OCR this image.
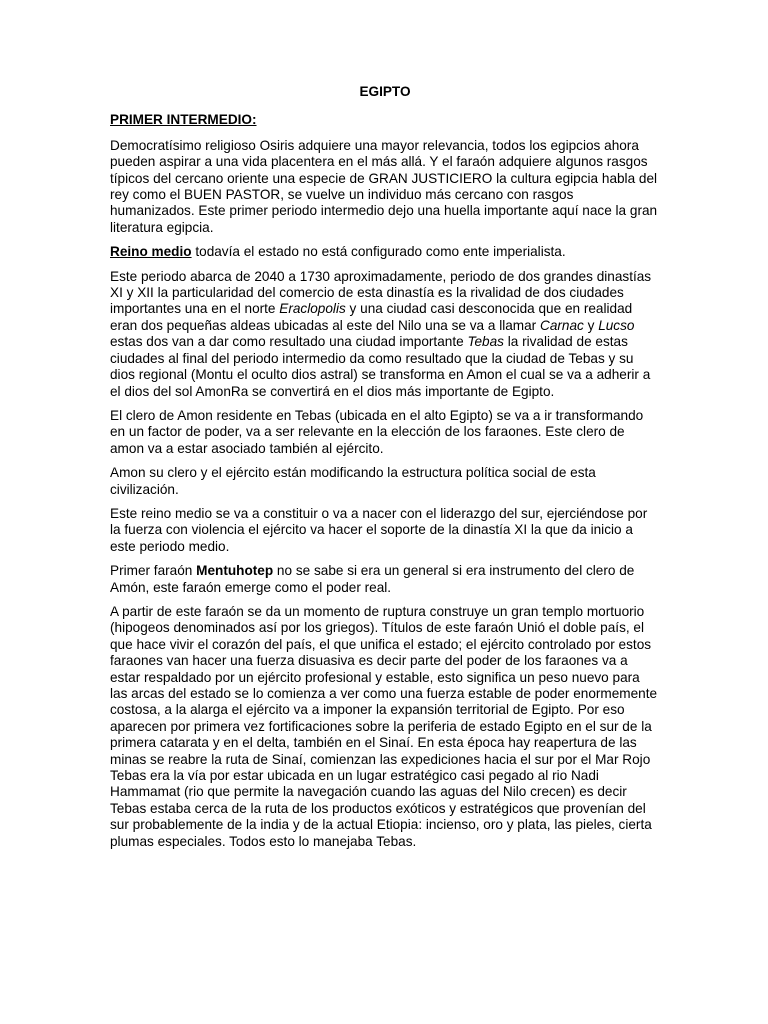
EGIPTO
PRIMER INTERMEDIO:

Democratísimo religioso Osiris adquiere una mayor relevancia, todos los egipcios ahora pueden aspirar a una vida placentera en el más allá. Y el faraón adquiere algunos rasgos típicos del cercano oriente una especie de GRAN JUSTICIERO la cultura egipcia habla del rey como el BUEN PASTOR, se vuelve un individuo más cercano con rasgos humanizados. Este primer periodo intermedio dejo una huella importante aquí nace la gran literatura egipcia.

Reino medio todavía el estado no está configurado como ente imperialista.

Este periodo abarca de 2040 a 1730 aproximadamente, periodo de dos grandes dinastías XI y XII la particularidad del comercio de esta dinastía es la rivalidad de dos ciudades importantes una en el norte Eraclopolis y una ciudad casi desconocida que en realidad eran dos pequeñas aldeas ubicadas al este del Nilo una se va a llamar Carnac y Lucso estas dos van a dar como resultado una ciudad importante Tebas la rivalidad de estas ciudades al final del periodo intermedio da como resultado que la ciudad de Tebas y su dios regional (Montu el oculto dios astral) se transforma en Amon el cual se va a adherir a el dios del sol AmonRa se convertirá en el dios más importante de Egipto.

El clero de Amon residente en Tebas (ubicada en el alto Egipto) se va a ir transformando en un factor de poder, va a ser relevante en la elección de los faraones. Este clero de amon va a estar asociado también al ejército.

Amon su clero y el ejército están modificando la estructura política social de esta civilización.

Este reino medio se va a constituir o va a nacer con el liderazgo del sur, ejerciéndose por la fuerza con violencia el ejército va hacer el soporte de la dinastía XI la que da inicio a este periodo medio.

Primer faraón Mentuhotep no se sabe si era un general si era instrumento del clero de Amón, este faraón emerge como el poder real.

A partir de este faraón se da un momento de ruptura construye un gran templo mortuorio (hipogeos denominados así por los griegos). Títulos de este faraón Unió el doble país, el que hace vivir el corazón del país, el que unifica el estado; el ejército controlado por estos faraones van hacer una fuerza disuasiva es decir parte del poder de los faraones va a estar respaldado por un ejército profesional y estable, esto significa un peso nuevo para las arcas del estado se lo comienza a ver como una fuerza estable de poder enormemente costosa, a la alarga el ejército va a imponer la expansión territorial de Egipto. Por eso aparecen por primera vez fortificaciones sobre la periferia de estado Egipto en el sur de la primera catarata y en el delta, también en el Sinaí. En esta época hay reapertura de las minas se reabre la ruta de Sinaí, comienzan las expediciones hacia el sur por el Mar Rojo Tebas era la vía por estar ubicada en un lugar estratégico casi pegado al rio Nadi Hammamat (rio que permite la navegación cuando las aguas del Nilo crecen) es decir Tebas estaba cerca de la ruta de los productos exóticos y estratégicos que provenían del sur probablemente de la india y de la actual Etiopia: incienso, oro y plata, las pieles, cierta plumas especiales. Todos esto lo manejaba Tebas.
